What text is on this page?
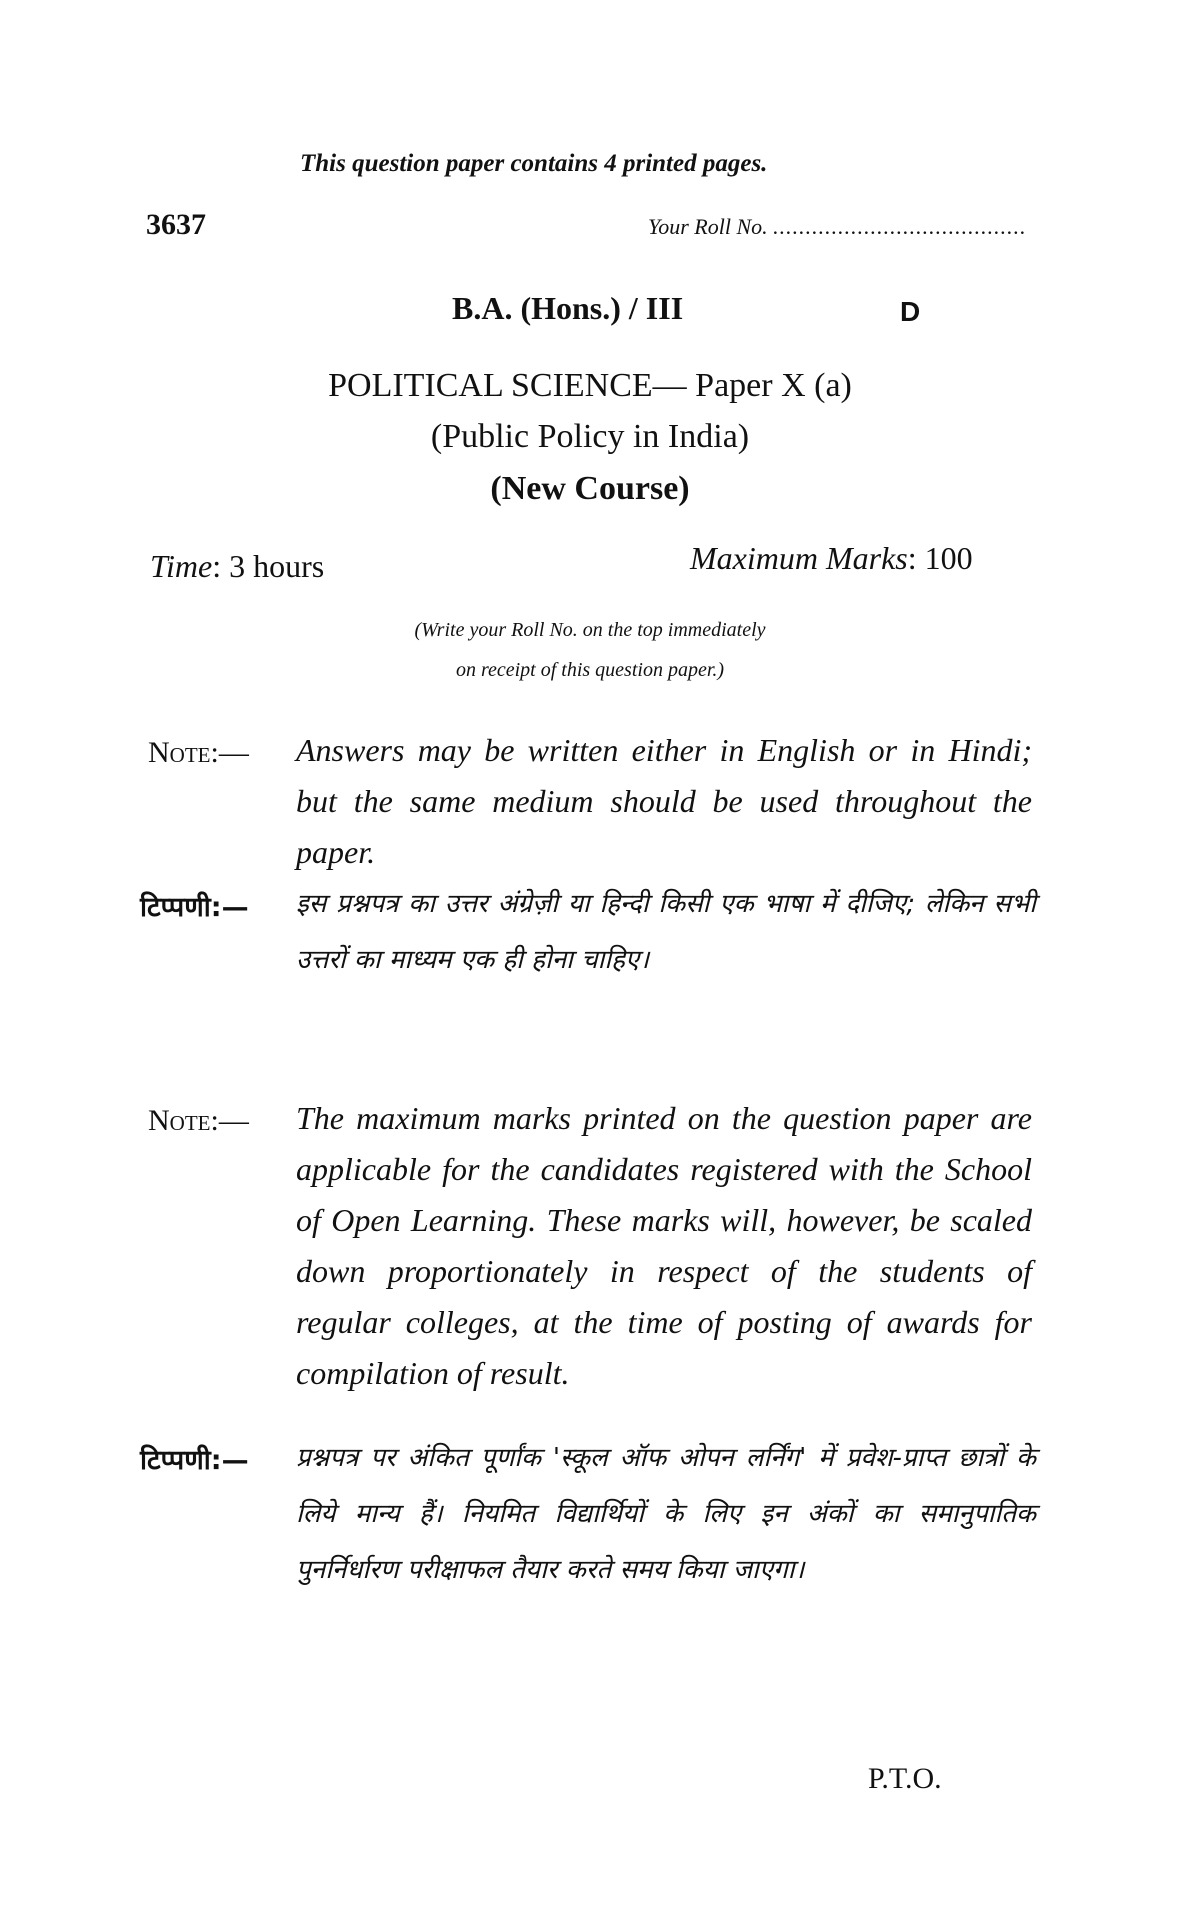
This question paper contains 4 printed pages.
3637	Your Roll No. .......................................
B.A. (Hons.) / III	D
POLITICAL SCIENCE— Paper X (a)
(Public Policy in India)
(New Course)
Time: 3 hours	Maximum Marks: 100
(Write your Roll No. on the top immediately
on receipt of this question paper.)
Note:— Answers may be written either in English or in Hindi; but the same medium should be used throughout the paper.
टिप्पणी:— इस प्रश्नपत्र का उत्तर अंग्रेज़ी या हिन्दी किसी एक भाषा में दीजिए; लेकिन सभी उत्तरों का माध्यम एक ही होना चाहिए।
Note:— The maximum marks printed on the question paper are applicable for the candidates registered with the School of Open Learning. These marks will, however, be scaled down proportionately in respect of the students of regular colleges, at the time of posting of awards for compilation of result.
टिप्पणी:— प्रश्नपत्र पर अंकित पूर्णांक 'स्कूल ऑफ ओपन लर्निंग' में प्रवेश-प्राप्त छात्रों के लिये मान्य हैं। नियमित विद्यार्थियों के लिए इन अंकों का समानुपातिक पुनर्निर्धारण परीक्षाफल तैयार करते समय किया जाएगा।
P.T.O.
